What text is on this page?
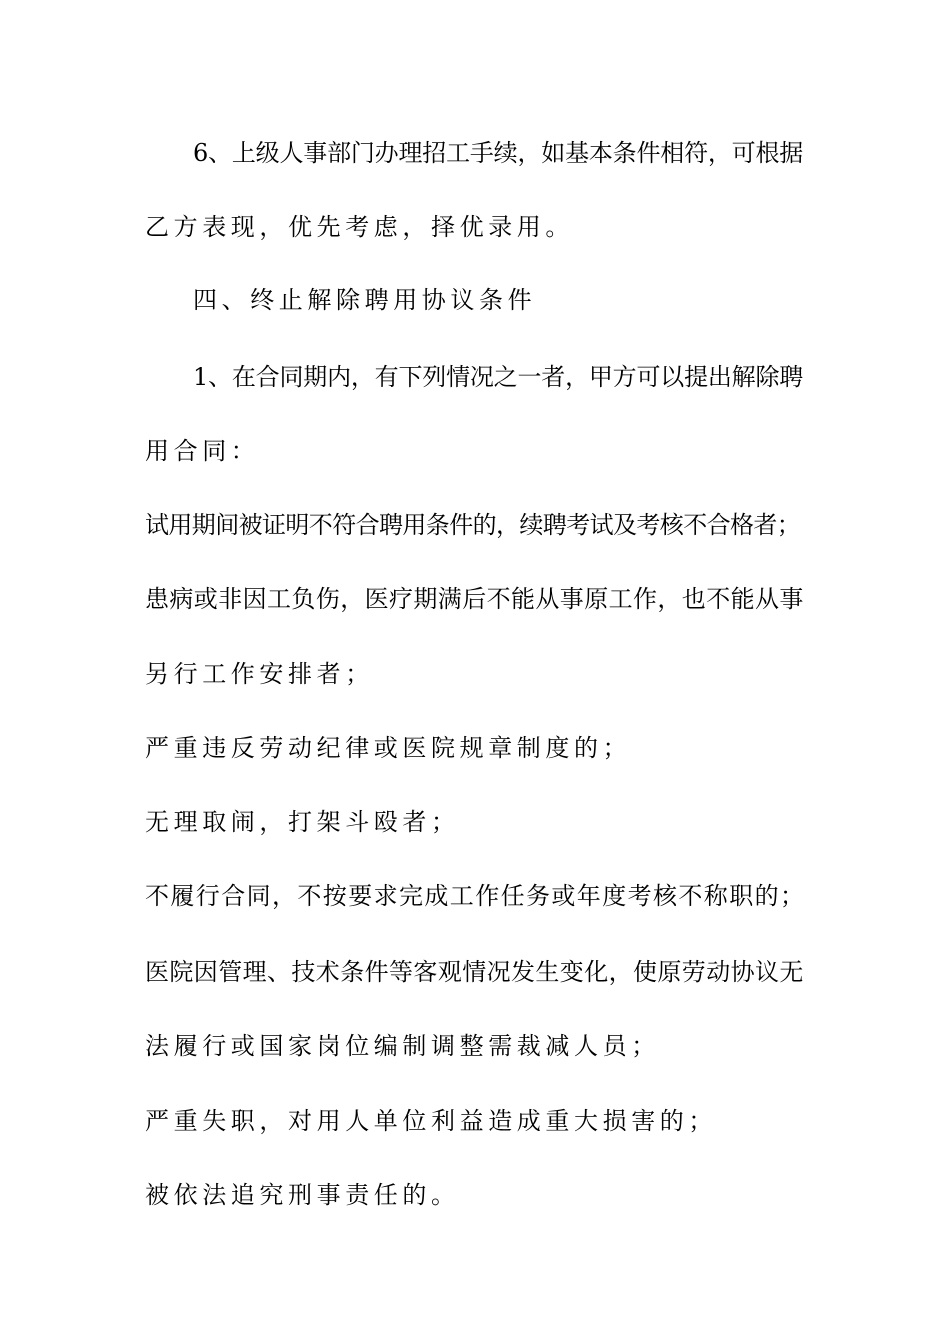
6、上级人事部门办理招工手续，如基本条件相符，可根据
乙方表现，优先考虑，择优录用。
四、终止解除聘用协议条件
1、在合同期内，有下列情况之一者，甲方可以提出解除聘
用合同：
试用期间被证明不符合聘用条件的，续聘考试及考核不合格者；
患病或非因工负伤，医疗期满后不能从事原工作，也不能从事
另行工作安排者；
严重违反劳动纪律或医院规章制度的；
无理取闹，打架斗殴者；
不履行合同，不按要求完成工作任务或年度考核不称职的；
医院因管理、技术条件等客观情况发生变化，使原劳动协议无
法履行或国家岗位编制调整需裁减人员；
严重失职，对用人单位利益造成重大损害的；
被依法追究刑事责任的。
